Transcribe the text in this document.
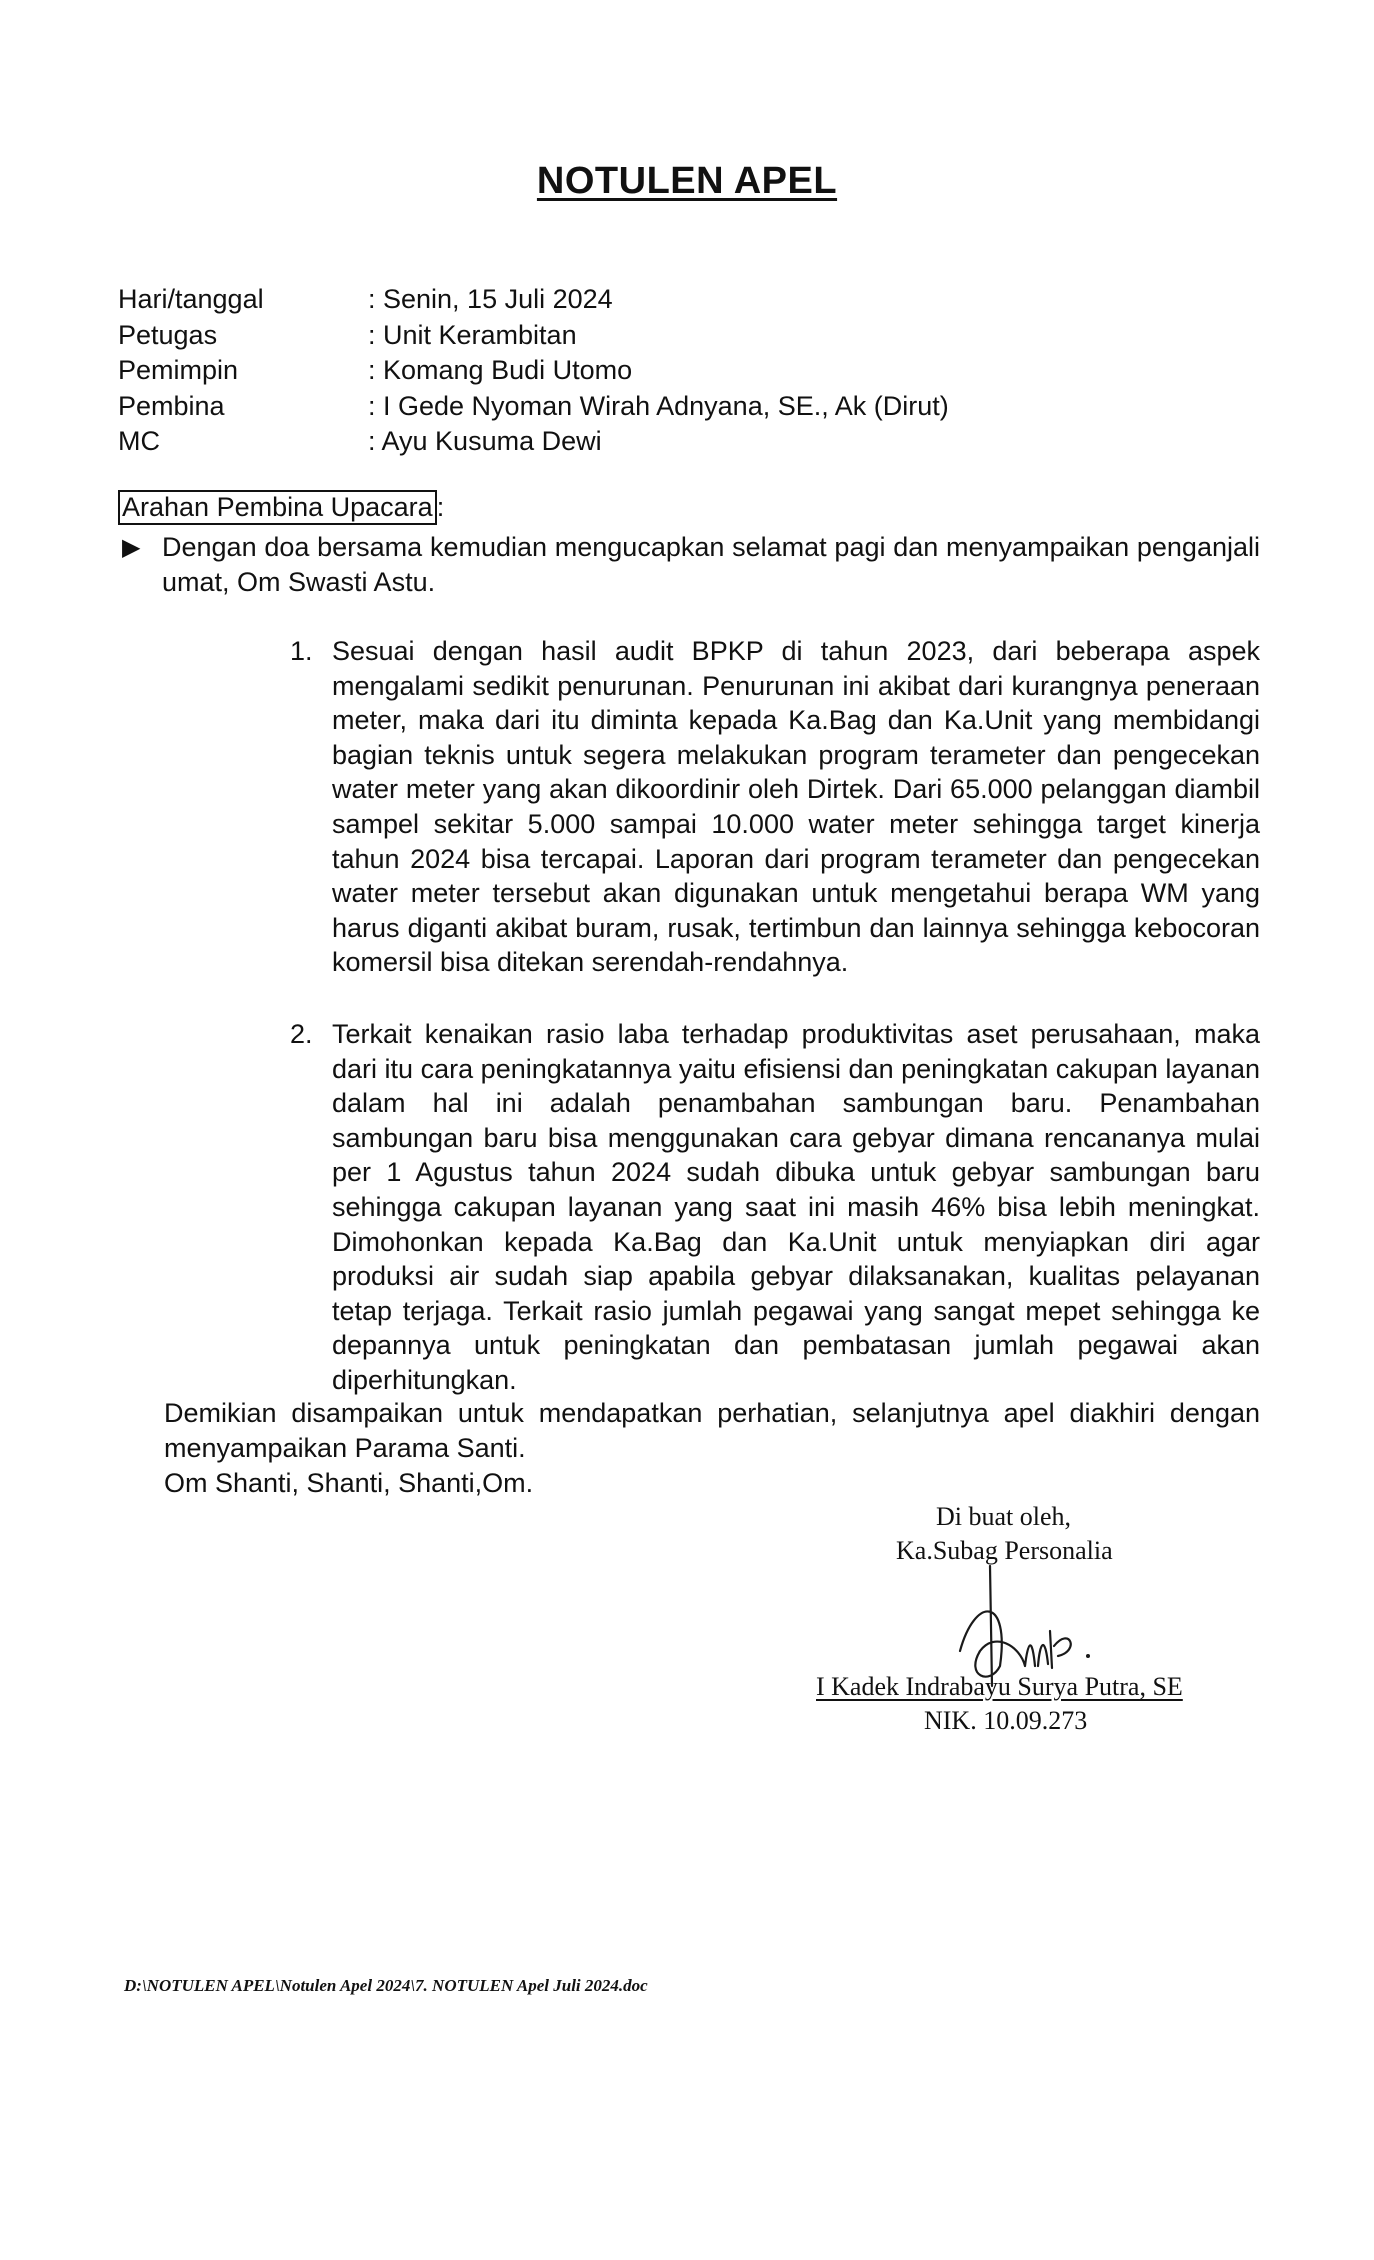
NOTULEN APEL
Hari/tanggal	: Senin, 15 Juli 2024
Petugas	: Unit Kerambitan
Pemimpin	: Komang Budi Utomo
Pembina	: I Gede Nyoman Wirah Adnyana, SE., Ak (Dirut)
MC	: Ayu Kusuma Dewi
Arahan Pembina Upacara :
▶ Dengan doa bersama kemudian mengucapkan selamat pagi dan menyampaikan penganjali umat, Om Swasti Astu.
1. Sesuai dengan hasil audit BPKP di tahun 2023, dari beberapa aspek mengalami sedikit penurunan. Penurunan ini akibat dari kurangnya peneraan meter, maka dari itu diminta kepada Ka.Bag dan Ka.Unit yang membidangi bagian teknis untuk segera melakukan program terameter dan pengecekan water meter yang akan dikoordinir oleh Dirtek. Dari 65.000 pelanggan diambil sampel sekitar 5.000 sampai 10.000 water meter sehingga target kinerja tahun 2024 bisa tercapai. Laporan dari program terameter dan pengecekan water meter tersebut akan digunakan untuk mengetahui berapa WM yang harus diganti akibat buram, rusak, tertimbun dan lainnya sehingga kebocoran komersil bisa ditekan serendah-rendahnya.
2. Terkait kenaikan rasio laba terhadap produktivitas aset perusahaan, maka dari itu cara peningkatannya yaitu efisiensi dan peningkatan cakupan layanan dalam hal ini adalah penambahan sambungan baru. Penambahan sambungan baru bisa menggunakan cara gebyar dimana rencananya mulai per 1 Agustus tahun 2024 sudah dibuka untuk gebyar sambungan baru sehingga cakupan layanan yang saat ini masih 46% bisa lebih meningkat. Dimohonkan kepada Ka.Bag dan Ka.Unit untuk menyiapkan diri agar produksi air sudah siap apabila gebyar dilaksanakan, kualitas pelayanan tetap terjaga. Terkait rasio jumlah pegawai yang sangat mepet sehingga ke depannya untuk peningkatan dan pembatasan jumlah pegawai akan diperhitungkan.
Demikian disampaikan untuk mendapatkan perhatian, selanjutnya apel diakhiri dengan menyampaikan Parama Santi.
Om Shanti, Shanti, Shanti,Om.
Di buat oleh,
Ka.Subag Personalia
I Kadek Indrabayu Surya Putra, SE
NIK. 10.09.273
D:\NOTULEN APEL\Notulen Apel 2024\7. NOTULEN Apel Juli 2024.doc
